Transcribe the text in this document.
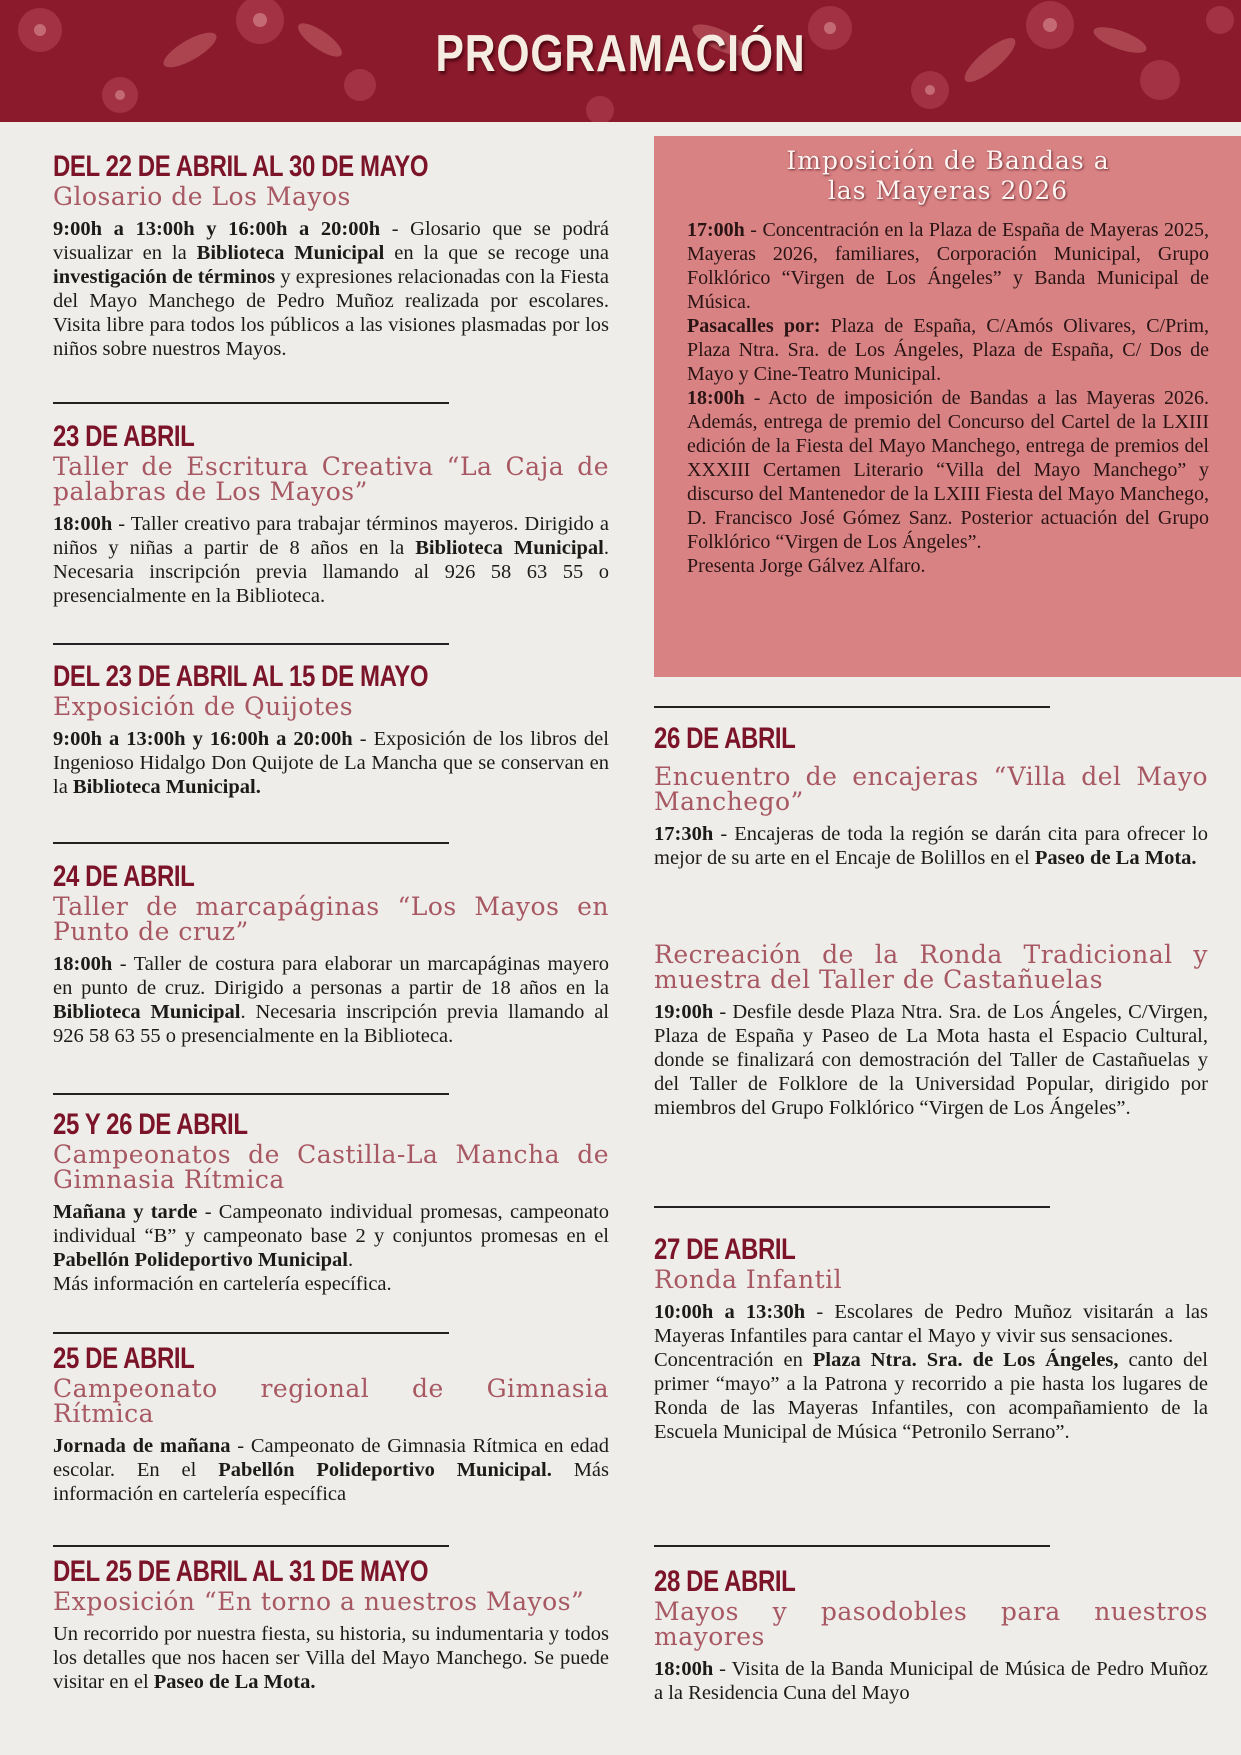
PROGRAMACIÓN
DEL 22 DE ABRIL AL 30 DE MAYO
Glosario de Los Mayos
9:00h a 13:00h y 16:00h a 20:00h - Glosario que se podrá visualizar en la Biblioteca Municipal en la que se recoge una investigación de términos y expresiones relacionadas con la Fiesta del Mayo Manchego de Pedro Muñoz realizada por escolares. Visita libre para todos los públicos a las visiones plasmadas por los niños sobre nuestros Mayos.
23 DE ABRIL
Taller de Escritura Creativa “La Caja de palabras de Los Mayos”
18:00h - Taller creativo para trabajar términos mayeros. Dirigido a niños y niñas a partir de 8 años en la Biblioteca Municipal. Necesaria inscripción previa llamando al 926 58 63 55 o presencialmente en la Biblioteca.
DEL 23 DE ABRIL AL 15 DE MAYO
Exposición de Quijotes
9:00h a 13:00h y 16:00h a 20:00h - Exposición de los libros del Ingenioso Hidalgo Don Quijote de La Mancha que se conservan en la Biblioteca Municipal.
24 DE ABRIL
Taller de marcapáginas “Los Mayos en Punto de cruz”
18:00h - Taller de costura para elaborar un marcapáginas mayero en punto de cruz. Dirigido a personas a partir de 18 años en la Biblioteca Municipal. Necesaria inscripción previa llamando al 926 58 63 55 o presencialmente en la Biblioteca.
25 Y 26 DE ABRIL
Campeonatos de Castilla-La Mancha de Gimnasia Rítmica

Mañana y tarde - Campeonato individual promesas, campeonato individual “B” y campeonato base 2 y conjuntos promesas en el Pabellón Polideportivo Municipal.

Más información en cartelería específica.

25 DE ABRIL
Campeonato regional de Gimnasia Rítmica
Jornada de mañana - Campeonato de Gimnasia Rítmica en edad escolar. En el Pabellón Polideportivo Municipal. Más información en cartelería específica
DEL 25 DE ABRIL AL 31 DE MAYO
Exposición “En torno a nuestros Mayos”
Un recorrido por nuestra fiesta, su historia, su indumentaria y todos los detalles que nos hacen ser Villa del Mayo Manchego. Se puede visitar en el Paseo de La Mota.
Imposición de Bandas a
las Mayeras 2026

17:00h - Concentración en la Plaza de España de Mayeras 2025, Mayeras 2026, familiares, Corporación Municipal, Grupo Folklórico “Virgen de Los Ángeles” y Banda Municipal de Música.

Pasacalles por: Plaza de España, C/Amós Olivares, C/Prim, Plaza Ntra. Sra. de Los Ángeles, Plaza de España, C/ Dos de Mayo y Cine-Teatro Municipal.

18:00h - Acto de imposición de Bandas a las Mayeras 2026. Además, entrega de premio del Concurso del Cartel de la LXIII edición de la Fiesta del Mayo Manchego, entrega de premios del XXXIII Certamen Literario “Villa del Mayo Manchego” y discurso del Mantenedor de la LXIII Fiesta del Mayo Manchego, D. Francisco José Gómez Sanz. Posterior actuación del Grupo Folklórico “Virgen de Los Ángeles”.

Presenta Jorge Gálvez Alfaro.

26 DE ABRIL
Encuentro de encajeras “Villa del Mayo Manchego”
17:30h - Encajeras de toda la región se darán cita para ofrecer lo mejor de su arte en el Encaje de Bolillos en el Paseo de La Mota.
Recreación de la Ronda Tradicional y muestra del Taller de Castañuelas
19:00h - Desfile desde Plaza Ntra. Sra. de Los Ángeles, C/Virgen, Plaza de España y Paseo de La Mota hasta el Espacio Cultural, donde se finalizará con demostración del Taller de Castañuelas y del Taller de Folklore de la Universidad Popular, dirigido por miembros del Grupo Folklórico “Virgen de Los Ángeles”.
27 DE ABRIL
Ronda Infantil

10:00h a 13:30h - Escolares de Pedro Muñoz visitarán a las Mayeras Infantiles para cantar el Mayo y vivir sus sensaciones.

Concentración en Plaza Ntra. Sra. de Los Ángeles, canto del primer “mayo” a la Patrona y recorrido a pie hasta los lugares de Ronda de las Mayeras Infantiles, con acompañamiento de la Escuela Municipal de Música “Petronilo Serrano”.

28 DE ABRIL
Mayos y pasodobles para nuestros mayores
18:00h - Visita de la Banda Municipal de Música de Pedro Muñoz a la Residencia Cuna del Mayo
